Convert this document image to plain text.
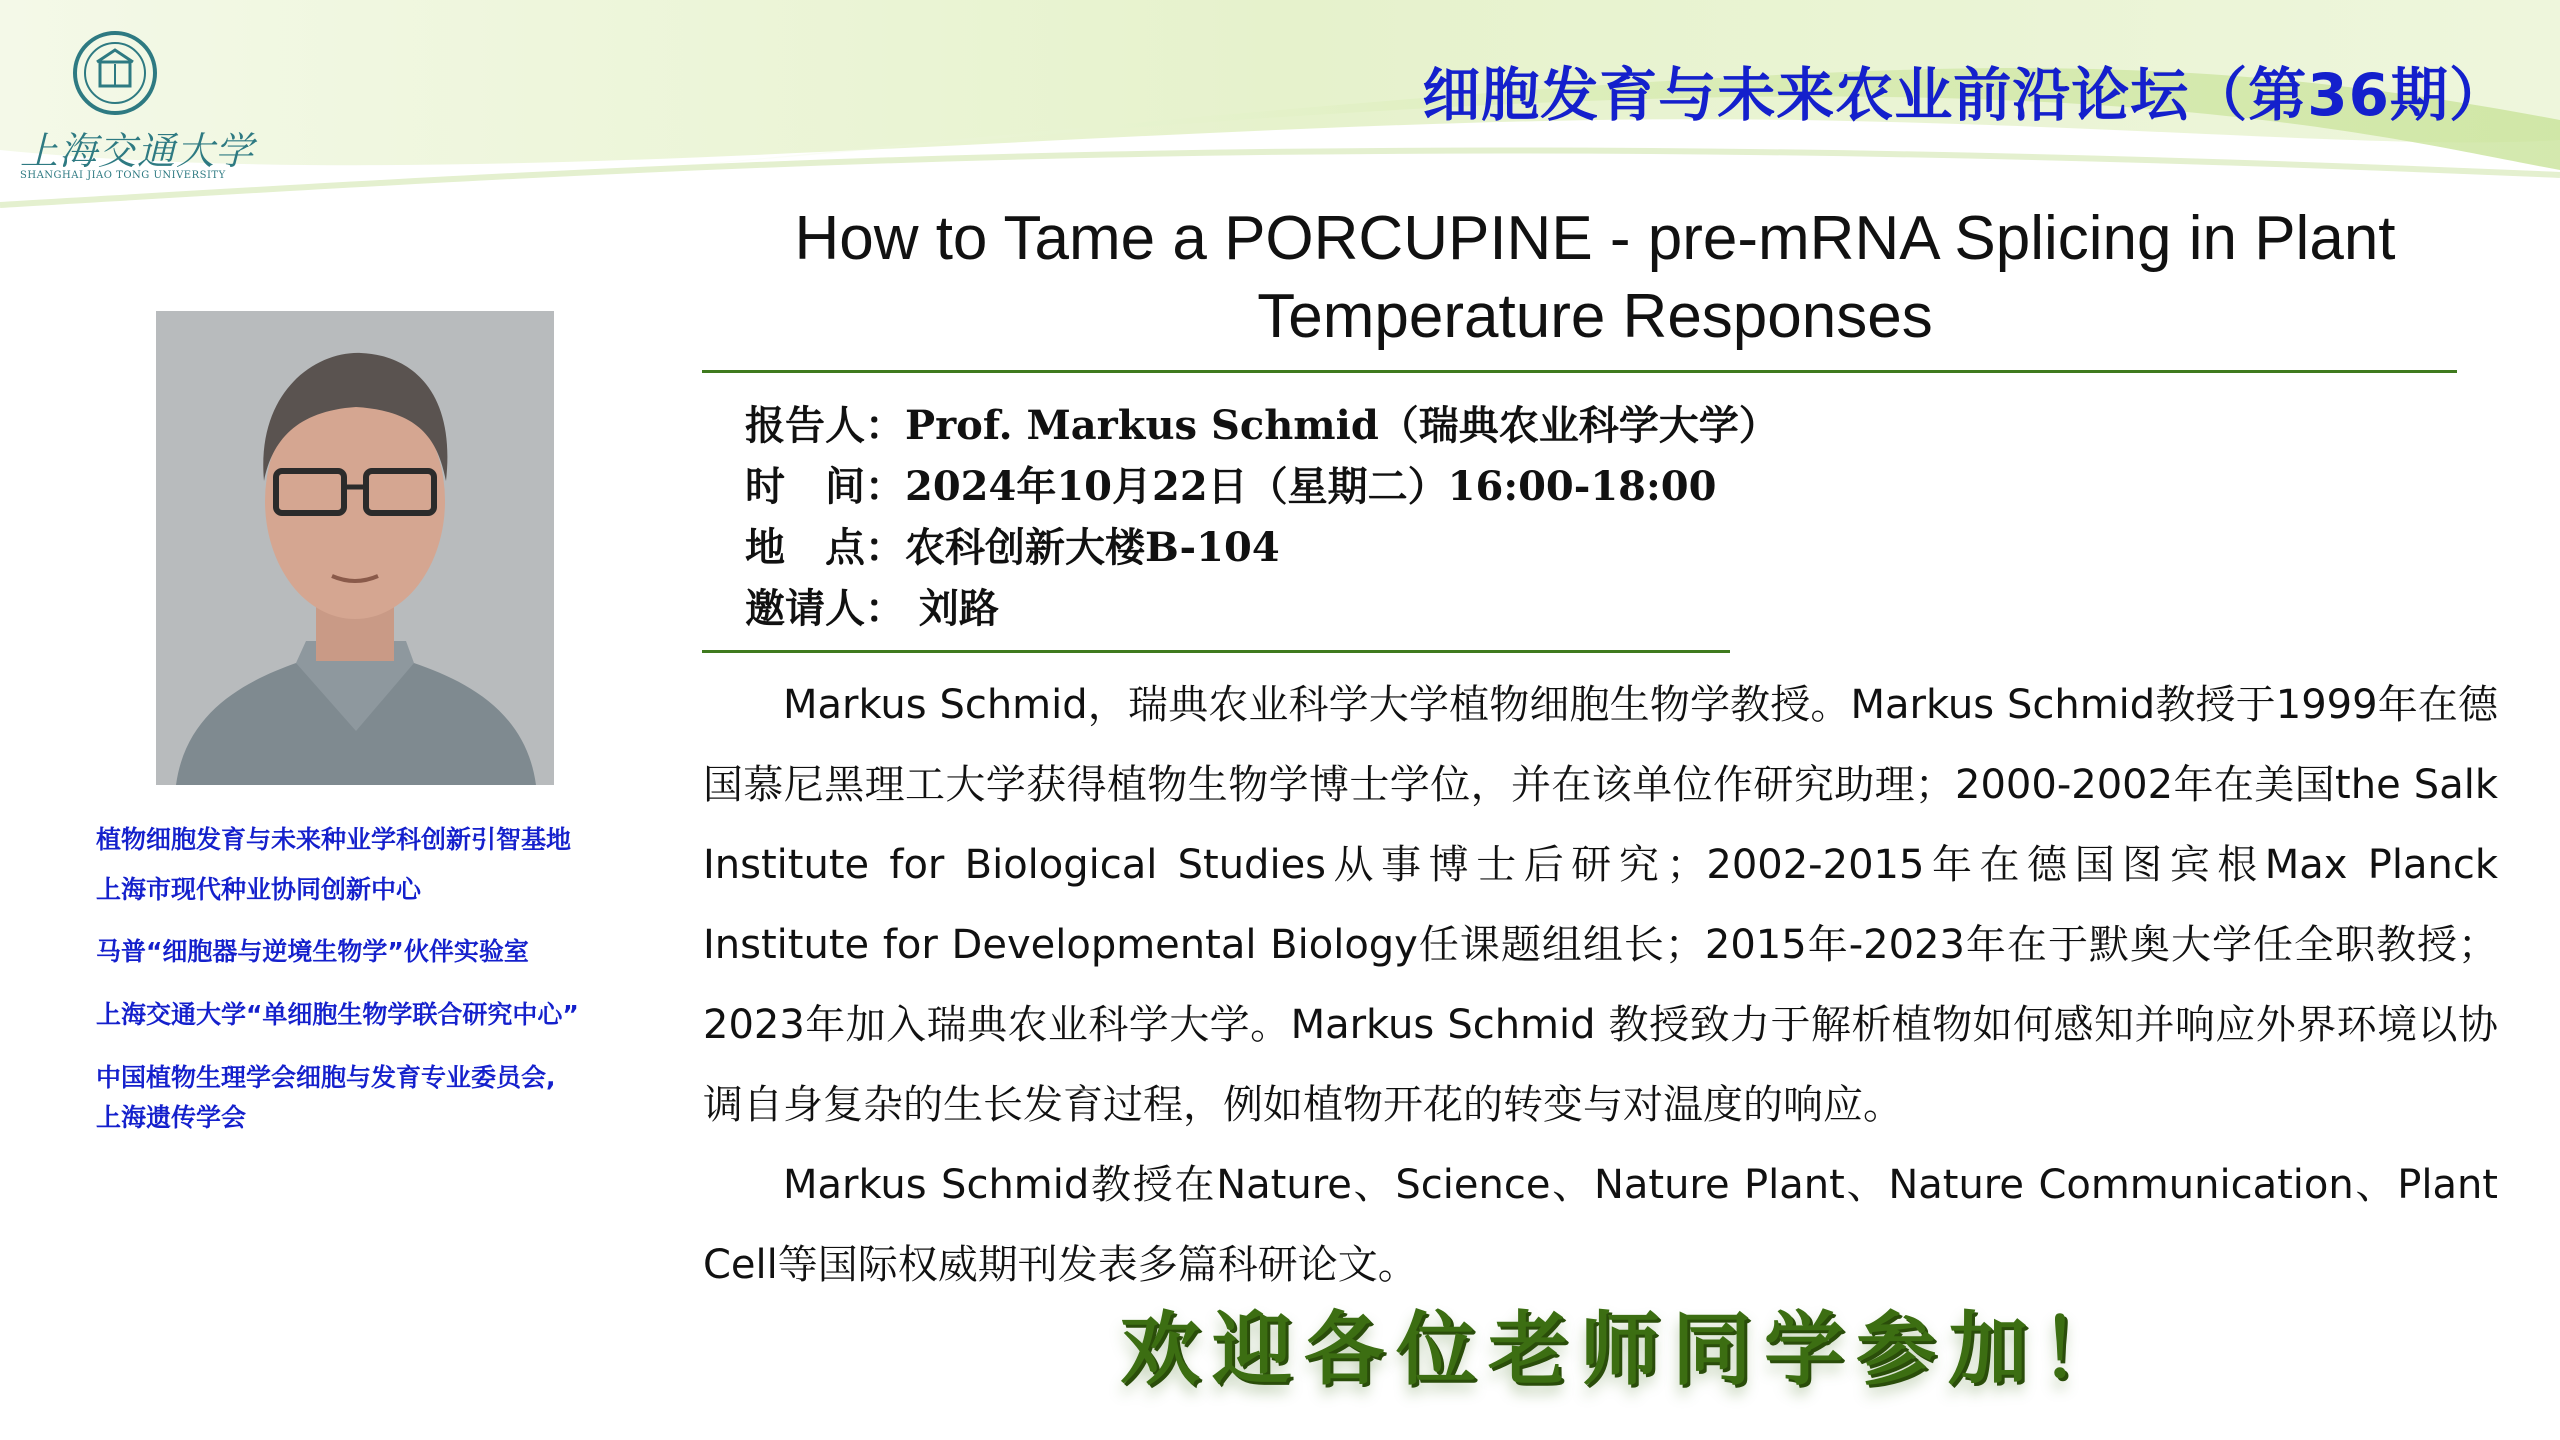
上海交通大学
SHANGHAI JIAO TONG UNIVERSITY
细胞发育与未来农业前沿论坛（第36期）
How to Tame a PORCUPINE - pre-mRNA Splicing in Plant
Temperature Responses
报告人：Prof. Markus Schmid（瑞典农业科学大学）
时　间：2024年10月22日（星期二）16:00-18:00
地　点：农科创新大楼B-104
邀请人： 刘路
植物细胞发育与未来种业学科创新引智基地
上海市现代种业协同创新中心
马普“细胞器与逆境生物学”伙伴实验室
上海交通大学“单细胞生物学联合研究中心”
中国植物生理学会细胞与发育专业委员会,
上海遗传学会

Markus Schmid，瑞典农业科学大学植物细胞生物学教授。Markus Schmid教授于1999年在德国慕尼黑理工大学获得植物生物学博士学位，并在该单位作研究助理；2000-2002年在美国the Salk Institute for Biological Studies从事博士后研究；2002-2015年在德国图宾根Max Planck Institute for Developmental Biology任课题组组长；2015年-2023年在于默奥大学任全职教授；2023年加入瑞典农业科学大学。Markus Schmid 教授致力于解析植物如何感知并响应外界环境以协调自身复杂的生长发育过程，例如植物开花的转变与对温度的响应。

Markus Schmid教授在Nature、Science、Nature Plant、Nature Communication、Plant Cell等国际权威期刊发表多篇科研论文。

欢迎各位老师同学参加！
